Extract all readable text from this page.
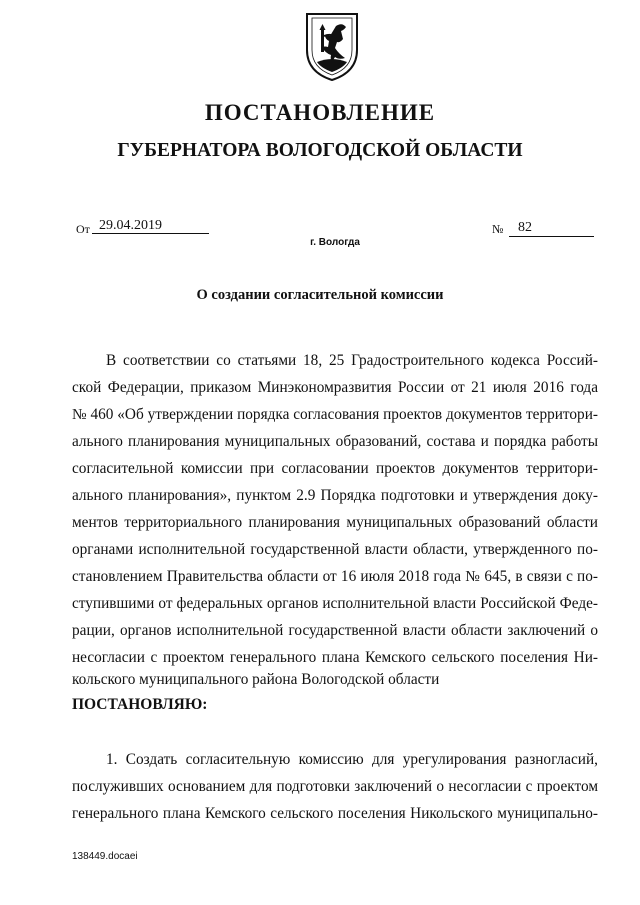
ПОСТАНОВЛЕНИЕ
ГУБЕРНАТОРА ВОЛОГОДСКОЙ ОБЛАСТИ
От 29.04.2019	№ 82
г. Вологда
О создании согласительной комиссии
В соответствии со статьями 18, 25 Градостроительного кодекса Россий-
ской Федерации, приказом Минэкономразвития России от 21 июля 2016 года
№ 460 «Об утверждении порядка согласования проектов документов территори-
ального планирования муниципальных образований, состава и порядка работы
согласительной комиссии при согласовании проектов документов территори-
ального планирования», пунктом 2.9 Порядка подготовки и утверждения доку-
ментов территориального планирования муниципальных образований области
органами исполнительной государственной власти области, утвержденного по-
становлением Правительства области от 16 июля 2018 года № 645, в связи с по-
ступившими от федеральных органов исполнительной власти Российской Феде-
рации, органов исполнительной государственной власти области заключений о
несогласии с проектом генерального плана Кемского сельского поселения Ни-
кольского муниципального района Вологодской области
ПОСТАНОВЛЯЮ:
1. Создать согласительную комиссию для урегулирования разногласий,
послуживших основанием для подготовки заключений о несогласии с проектом
генерального плана Кемского сельского поселения Никольского муниципально-
138449.docaei
